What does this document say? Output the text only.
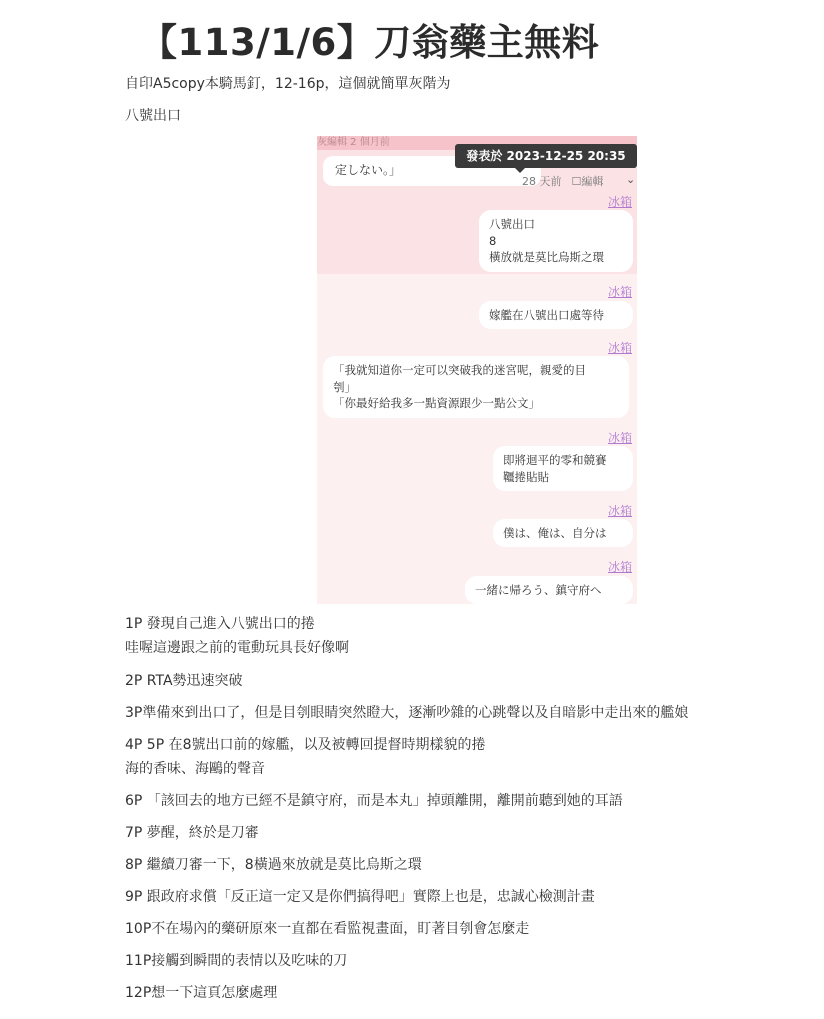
【113/1/6】刀翁藥主無料
自印A5copy本騎馬釘，12-16p，這個就簡單灰階为
八號出口
灰編輯 2 個月前
定しない。」
發表於 2023-12-25 20:35
28 天前 ☐編輯 ⌄
冰箱
八號出口
8
橫放就是莫比烏斯之環
冰箱
嫁艦在八號出口處等待
冰箱
「我就知道你一定可以突破我的迷宮呢，親愛的目
刳」
「你最好給我多一點資源跟少一點公文」
冰箱
即將迴平的零和競賽
韁捲貼貼
冰箱
僕は、俺は、自分は
冰箱
一緒に帰ろう、鎮守府へ
1P 發現自己進入八號出口的捲
哇喔這邊跟之前的電動玩具長好像啊
2P RTA勢迅速突破
3P準備來到出口了，但是目刳眼睛突然瞪大，逐漸吵雜的心跳聲以及自暗影中走出來的艦娘
4P 5P 在8號出口前的嫁艦，以及被轉回提督時期樣貌的捲
海的香味、海鷗的聲音
6P 「該回去的地方已經不是鎮守府，而是本丸」掉頭離開，離開前聽到她的耳語
7P 夢醒，終於是刀審
8P 繼續刀審一下，8橫過來放就是莫比烏斯之環
9P 跟政府求償「反正這一定又是你們搞得吧」實際上也是，忠誠心檢測計畫
10P不在場內的藥研原來一直都在看監視畫面，盯著目刳會怎麼走
11P接觸到瞬間的表情以及吃味的刀
12P想一下這頁怎麼處理
